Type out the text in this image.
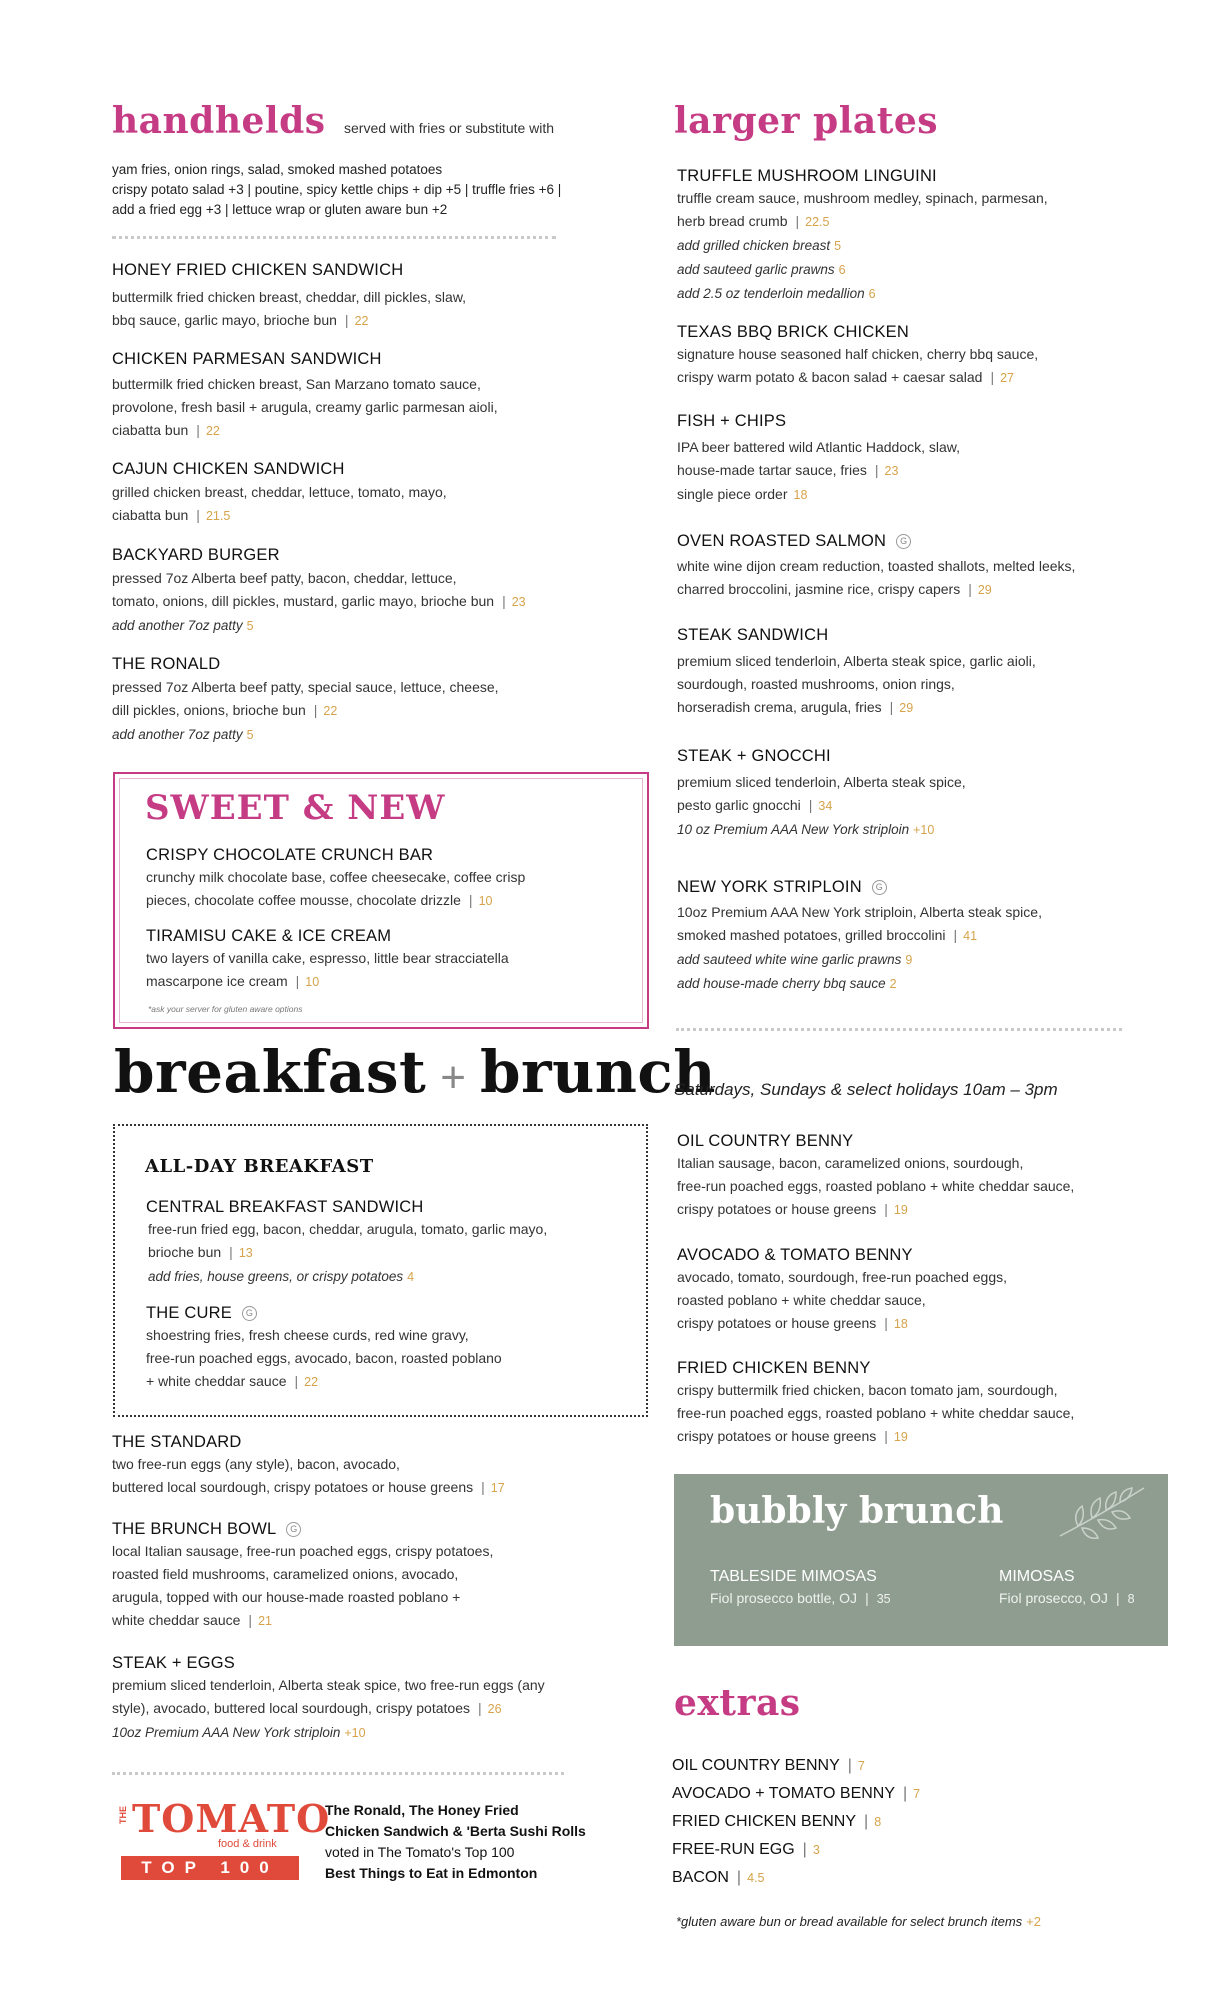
handhelds served with fries or substitute with
yam fries, onion rings, salad, smoked mashed potatoes
crispy potato salad +3 | poutine, spicy kettle chips + dip +5 | truffle fries +6 |
add a fried egg +3 | lettuce wrap or gluten aware bun +2
HONEY FRIED CHICKEN SANDWICH
buttermilk fried chicken breast, cheddar, dill pickles, slaw,
bbq sauce, garlic mayo, brioche bun | 22
CHICKEN PARMESAN SANDWICH
buttermilk fried chicken breast, San Marzano tomato sauce,
provolone, fresh basil + arugula, creamy garlic parmesan aioli,
ciabatta bun | 22
CAJUN CHICKEN SANDWICH
grilled chicken breast, cheddar, lettuce, tomato, mayo,
ciabatta bun | 21.5
BACKYARD BURGER
pressed 7oz Alberta beef patty, bacon, cheddar, lettuce,
tomato, onions, dill pickles, mustard, garlic mayo, brioche bun | 23
add another 7oz patty 5
THE RONALD
pressed 7oz Alberta beef patty, special sauce, lettuce, cheese,
dill pickles, onions, brioche bun | 22
add another 7oz patty 5
SWEET & NEW
CRISPY CHOCOLATE CRUNCH BAR
crunchy milk chocolate base, coffee cheesecake, coffee crisp
pieces, chocolate coffee mousse, chocolate drizzle | 10
TIRAMISU CAKE & ICE CREAM
two layers of vanilla cake, espresso, little bear stracciatella
mascarpone ice cream | 10
*ask your server for gluten aware options
larger plates
TRUFFLE MUSHROOM LINGUINI
truffle cream sauce, mushroom medley, spinach, parmesan,
herb bread crumb | 22.5
add grilled chicken breast 5
add sauteed garlic prawns 6
add 2.5 oz tenderloin medallion 6
TEXAS BBQ BRICK CHICKEN
signature house seasoned half chicken, cherry bbq sauce,
crispy warm potato & bacon salad + caesar salad | 27
FISH + CHIPS
IPA beer battered wild Atlantic Haddock, slaw,
house-made tartar sauce, fries | 23
single piece order 18
OVEN ROASTED SALMON G
white wine dijon cream reduction, toasted shallots, melted leeks,
charred broccolini, jasmine rice, crispy capers | 29
STEAK SANDWICH
premium sliced tenderloin, Alberta steak spice, garlic aioli,
sourdough, roasted mushrooms, onion rings,
horseradish crema, arugula, fries | 29
STEAK + GNOCCHI
premium sliced tenderloin, Alberta steak spice,
pesto garlic gnocchi | 34
10 oz Premium AAA New York striploin +10
NEW YORK STRIPLOIN G
10oz Premium AAA New York striploin, Alberta steak spice,
smoked mashed potatoes, grilled broccolini | 41
add sauteed white wine garlic prawns 9
add house-made cherry bbq sauce 2
breakfast + brunch
Saturdays, Sundays & select holidays 10am – 3pm
ALL-DAY BREAKFAST
CENTRAL BREAKFAST SANDWICH
free-run fried egg, bacon, cheddar, arugula, tomato, garlic mayo,
brioche bun | 13
add fries, house greens, or crispy potatoes 4
THE CURE G
shoestring fries, fresh cheese curds, red wine gravy,
free-run poached eggs, avocado, bacon, roasted poblano
+ white cheddar sauce | 22
THE STANDARD
two free-run eggs (any style), bacon, avocado,
buttered local sourdough, crispy potatoes or house greens | 17
THE BRUNCH BOWL G
local Italian sausage, free-run poached eggs, crispy potatoes,
roasted field mushrooms, caramelized onions, avocado,
arugula, topped with our house-made roasted poblano +
white cheddar sauce | 21
STEAK + EGGS
premium sliced tenderloin, Alberta steak spice, two free-run eggs (any
style), avocado, buttered local sourdough, crispy potatoes | 26
10oz Premium AAA New York striploin +10
OIL COUNTRY BENNY
Italian sausage, bacon, caramelized onions, sourdough,
free-run poached eggs, roasted poblano + white cheddar sauce,
crispy potatoes or house greens | 19
AVOCADO & TOMATO BENNY
avocado, tomato, sourdough, free-run poached eggs,
roasted poblano + white cheddar sauce,
crispy potatoes or house greens | 18
FRIED CHICKEN BENNY
crispy buttermilk fried chicken, bacon tomato jam, sourdough,
free-run poached eggs, roasted poblano + white cheddar sauce,
crispy potatoes or house greens | 19
bubbly brunch
TABLESIDE MIMOSAS
Fiol prosecco bottle, OJ | 35
MIMOSAS
Fiol prosecco, OJ | 8
extras
OIL COUNTRY BENNY | 7
AVOCADO + TOMATO BENNY | 7
FRIED CHICKEN BENNY | 8
FREE-RUN EGG | 3
BACON | 4.5
*gluten aware bun or bread available for select brunch items +2
THE TOMATO
food & drink
TOP 100
The Ronald, The Honey Fried
Chicken Sandwich & 'Berta Sushi Rolls
voted in The Tomato's Top 100
Best Things to Eat in Edmonton
